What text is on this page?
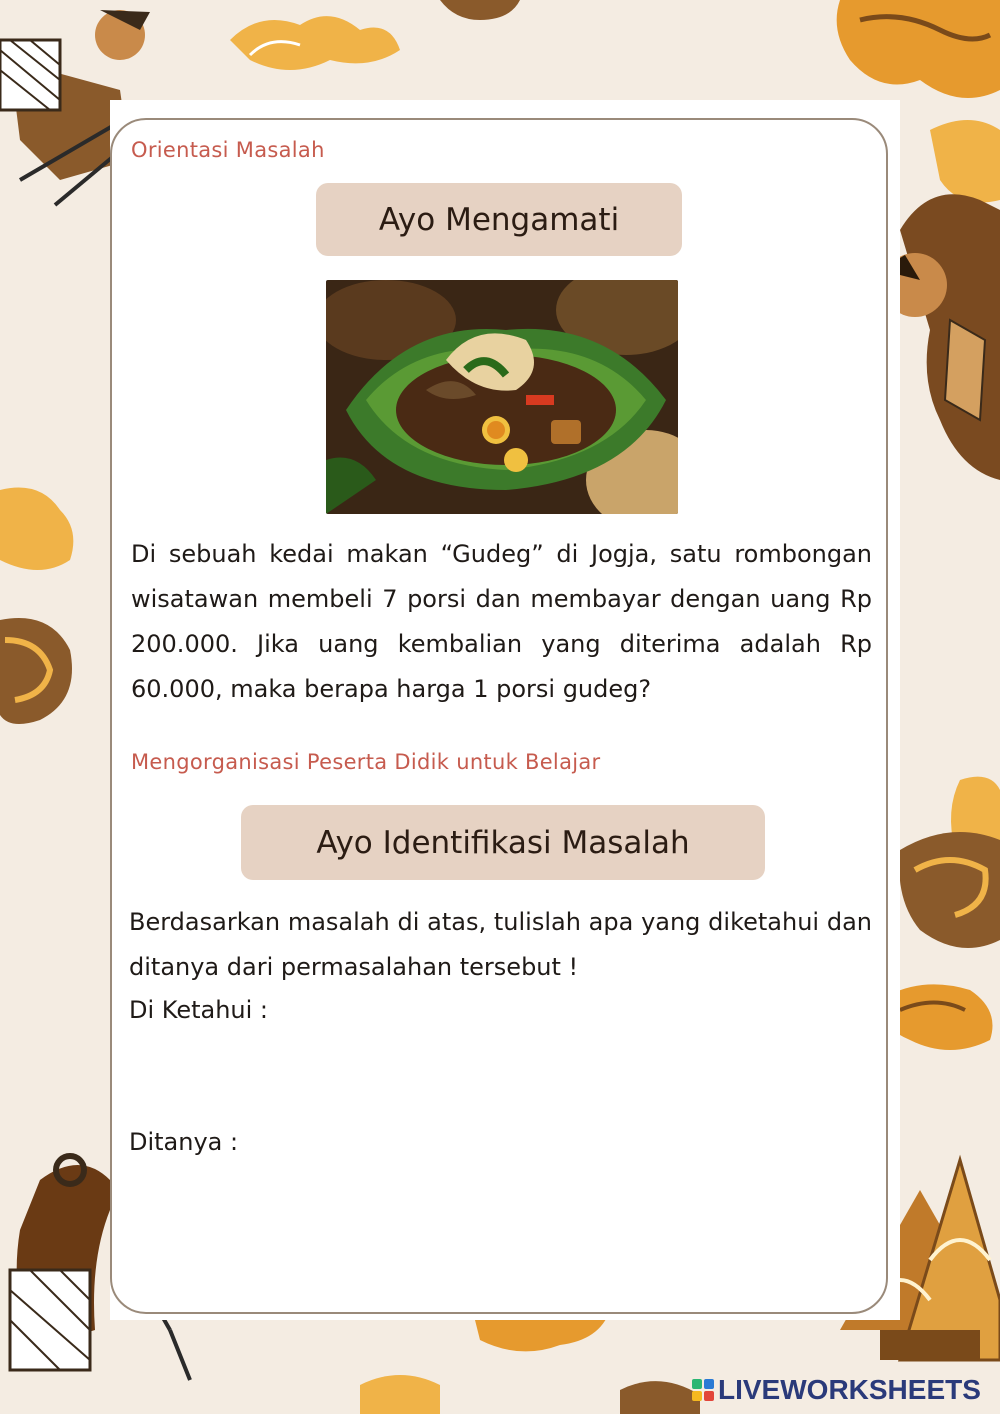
Orientasi Masalah
Ayo Mengamati
Di sebuah kedai makan “Gudeg” di Jogja, satu rombongan wisatawan membeli 7 porsi dan membayar dengan uang Rp 200.000. Jika uang kembalian yang diterima adalah Rp 60.000, maka berapa harga 1 porsi gudeg?
Mengorganisasi Peserta Didik untuk Belajar
Ayo Identifikasi Masalah
Berdasarkan masalah di atas, tulislah apa yang diketahui dan ditanya dari permasalahan tersebut !
Di Ketahui :
Ditanya :
LIVEWORKSHEETS
